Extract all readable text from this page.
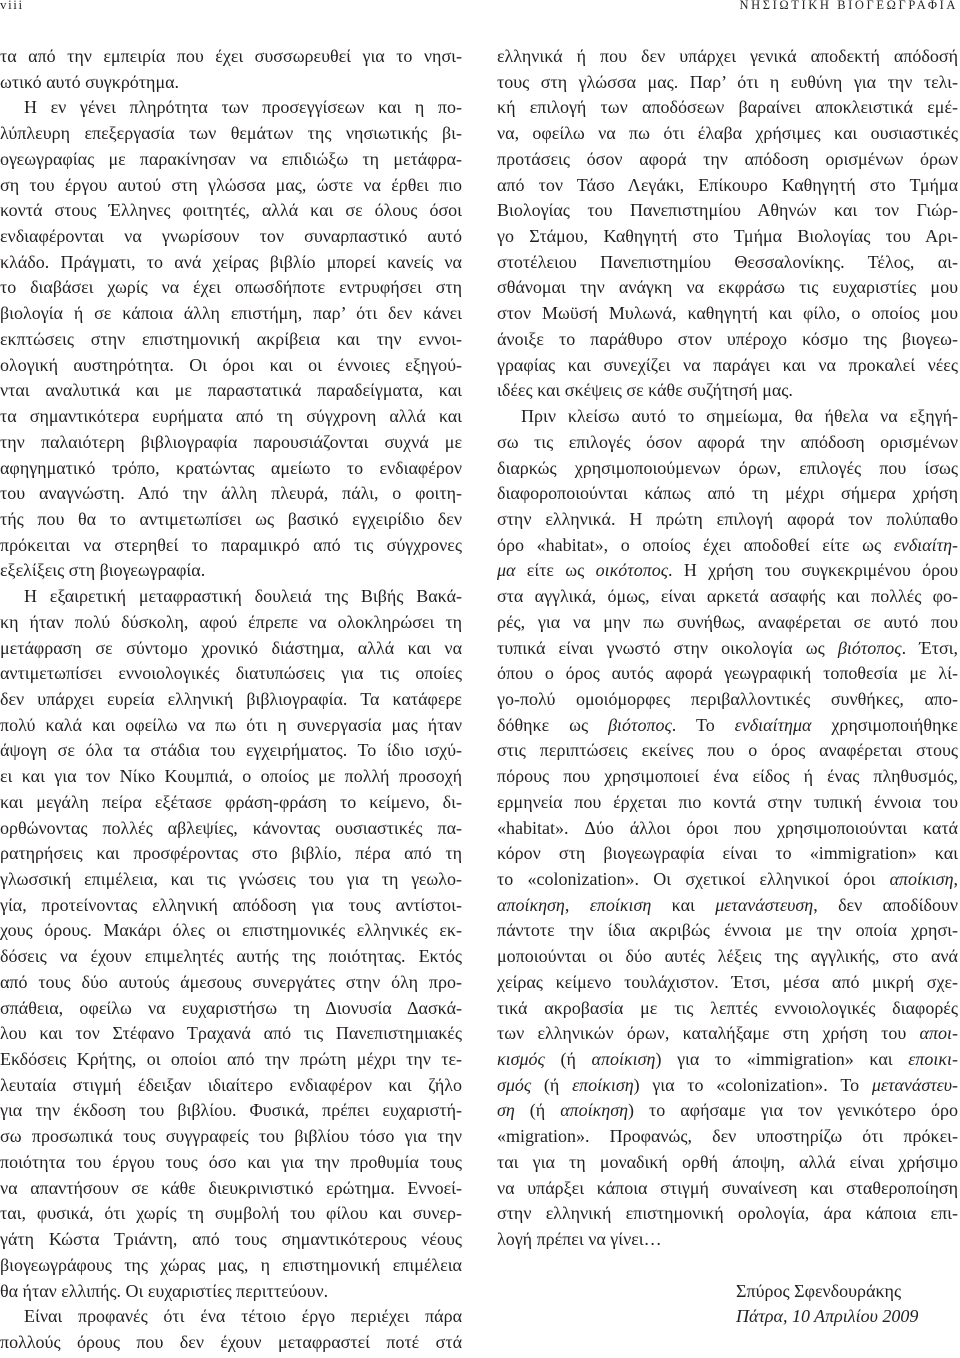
viii	ΝΗΣΙΩΤΙΚΗ ΒΙΟΓΕΩΓΡΑΦΙΑ
τα από την εμπειρία που έχει συσσωρευθεί για το νησι-
ωτικό αυτό συγκρότημα.
Η εν γένει πληρότητα των προσεγγίσεων και η πο-
λύπλευρη επεξεργασία των θεμάτων της νησιωτικής βι-
ογεωγραφίας με παρακίνησαν να επιδιώξω τη μετάφρα-
ση του έργου αυτού στη γλώσσα μας, ώστε να έρθει πιο
κοντά στους Έλληνες φοιτητές, αλλά και σε όλους όσοι
ενδιαφέρονται να γνωρίσουν τον συναρπαστικό αυτό
κλάδο. Πράγματι, το ανά χείρας βιβλίο μπορεί κανείς να
το διαβάσει χωρίς να έχει οπωσδήποτε εντρυφήσει στη
βιολογία ή σε κάποια άλλη επιστήμη, παρ’ ότι δεν κάνει
εκπτώσεις στην επιστημονική ακρίβεια και την εννοι-
ολογική αυστηρότητα. Οι όροι και οι έννοιες εξηγού-
νται αναλυτικά και με παραστατικά παραδείγματα, και
τα σημαντικότερα ευρήματα από τη σύγχρονη αλλά και
την παλαιότερη βιβλιογραφία παρουσιάζονται συχνά με
αφηγηματικό τρόπο, κρατώντας αμείωτο το ενδιαφέρον
του αναγνώστη. Από την άλλη πλευρά, πάλι, ο φοιτη-
τής που θα το αντιμετωπίσει ως βασικό εγχειρίδιο δεν
πρόκειται να στερηθεί το παραμικρό από τις σύγχρονες
εξελίξεις στη βιογεωγραφία.
Η εξαιρετική μεταφραστική δουλειά της Βιβής Βακά-
κη ήταν πολύ δύσκολη, αφού έπρεπε να ολοκληρώσει τη
μετάφραση σε σύντομο χρονικό διάστημα, αλλά και να
αντιμετωπίσει εννοιολογικές διατυπώσεις για τις οποίες
δεν υπάρχει ευρεία ελληνική βιβλιογραφία. Τα κατάφερε
πολύ καλά και οφείλω να πω ότι η συνεργασία μας ήταν
άψογη σε όλα τα στάδια του εγχειρήματος. Το ίδιο ισχύ-
ει και για τον Νίκο Κουμπιά, ο οποίος με πολλή προσοχή
και μεγάλη πείρα εξέτασε φράση-φράση το κείμενο, δι-
ορθώνοντας πολλές αβλεψίες, κάνοντας ουσιαστικές πα-
ρατηρήσεις και προσφέροντας στο βιβλίο, πέρα από τη
γλωσσική επιμέλεια, και τις γνώσεις του για τη γεωλο-
γία, προτείνοντας ελληνική απόδοση για τους αντίστοι-
χους όρους. Μακάρι όλες οι επιστημονικές ελληνικές εκ-
δόσεις να έχουν επιμελητές αυτής της ποιότητας. Εκτός
από τους δύο αυτούς άμεσους συνεργάτες στην όλη προ-
σπάθεια, οφείλω να ευχαριστήσω τη Διονυσία Δασκά-
λου και τον Στέφανο Τραχανά από τις Πανεπιστημιακές
Εκδόσεις Κρήτης, οι οποίοι από την πρώτη μέχρι την τε-
λευταία στιγμή έδειξαν ιδιαίτερο ενδιαφέρον και ζήλο
για την έκδοση του βιβλίου. Φυσικά, πρέπει ευχαριστή-
σω προσωπικά τους συγγραφείς του βιβλίου τόσο για την
ποιότητα του έργου τους όσο και για την προθυμία τους
να απαντήσουν σε κάθε διευκρινιστικό ερώτημα. Εννοεί-
ται, φυσικά, ότι χωρίς τη συμβολή του φίλου και συνερ-
γάτη Κώστα Τριάντη, από τους σημαντικότερους νέους
βιογεωγράφους της χώρας μας, η επιστημονική επιμέλεια
θα ήταν ελλιπής. Οι ευχαριστίες περιττεύουν.
Είναι προφανές ότι ένα τέτοιο έργο περιέχει πάρα
πολλούς όρους που δεν έχουν μεταφραστεί ποτέ στά
ελληνικά ή που δεν υπάρχει γενικά αποδεκτή απόδοσή
τους στη γλώσσα μας. Παρ’ ότι η ευθύνη για την τελι-
κή επιλογή των αποδόσεων βαραίνει αποκλειστικά εμέ-
να, οφείλω να πω ότι έλαβα χρήσιμες και ουσιαστικές
προτάσεις όσον αφορά την απόδοση ορισμένων όρων
από τον Τάσο Λεγάκι, Επίκουρο Καθηγητή στο Τμήμα
Βιολογίας του Πανεπιστημίου Αθηνών και τον Γιώρ-
γο Στάμου, Καθηγητή στο Τμήμα Βιολογίας του Αρι-
στοτέλειου Πανεπιστημίου Θεσσαλονίκης. Τέλος, αι-
σθάνομαι την ανάγκη να εκφράσω τις ευχαριστίες μου
στον Μωϋσή Μυλωνά, καθηγητή και φίλο, ο οποίος μου
άνοιξε το παράθυρο στον υπέροχο κόσμο της βιογεω-
γραφίας και συνεχίζει να παράγει και να προκαλεί νέες
ιδέες και σκέψεις σε κάθε συζήτησή μας.
Πριν κλείσω αυτό το σημείωμα, θα ήθελα να εξηγή-
σω τις επιλογές όσον αφορά την απόδοση ορισμένων
διαρκώς χρησιμοποιούμενων όρων, επιλογές που ίσως
διαφοροποιούνται κάπως από τη μέχρι σήμερα χρήση
στην ελληνικά. Η πρώτη επιλογή αφορά τον πολύπαθο
όρο «habitat», ο οποίος έχει αποδοθεί είτε ως ενδιαίτη-
μα είτε ως οικότοπος. Η χρήση του συγκεκριμένου όρου
στα αγγλικά, όμως, είναι αρκετά ασαφής και πολλές φο-
ρές, για να μην πω συνήθως, αναφέρεται σε αυτό που
τυπικά είναι γνωστό στην οικολογία ως βιότοπος. Έτσι,
όπου ο όρος αυτός αφορά γεωγραφική τοποθεσία με λί-
γο-πολύ ομοιόμορφες περιβαλλοντικές συνθήκες, απο-
δόθηκε ως βιότοπος. Το ενδιαίτημα χρησιμοποιήθηκε
στις περιπτώσεις εκείνες που ο όρος αναφέρεται στους
πόρους που χρησιμοποιεί ένα είδος ή ένας πληθυσμός,
ερμηνεία που έρχεται πιο κοντά στην τυπική έννοια του
«habitat». Δύο άλλοι όροι που χρησιμοποιούνται κατά
κόρον στη βιογεωγραφία είναι το «immigration» και
το «colonization». Οι σχετικοί ελληνικοί όροι αποίκιση,
αποίκηση, εποίκιση και μετανάστευση, δεν αποδίδουν
πάντοτε την ίδια ακριβώς έννοια με την οποία χρησι-
μοποιούνται οι δύο αυτές λέξεις της αγγλικής, στο ανά
χείρας κείμενο τουλάχιστον. Έτσι, μέσα από μικρή σχε-
τικά ακροβασία με τις λεπτές εννοιολογικές διαφορές
των ελληνικών όρων, καταλήξαμε στη χρήση του αποι-
κισμός (ή αποίκιση) για το «immigration» και εποικι-
σμός (ή εποίκιση) για το «colonization». Το μετανάστευ-
ση (ή αποίκηση) το αφήσαμε για τον γενικότερο όρο
«migration». Προφανώς, δεν υποστηρίζω ότι πρόκει-
ται για τη μοναδική ορθή άποψη, αλλά είναι χρήσιμο
να υπάρξει κάποια στιγμή συναίνεση και σταθεροποίηση
στην ελληνική επιστημονική ορολογία, άρα κάποια επι-
λογή πρέπει να γίνει…
Σπύρος Σφενδουράκης
Πάτρα, 10 Απριλίου 2009
